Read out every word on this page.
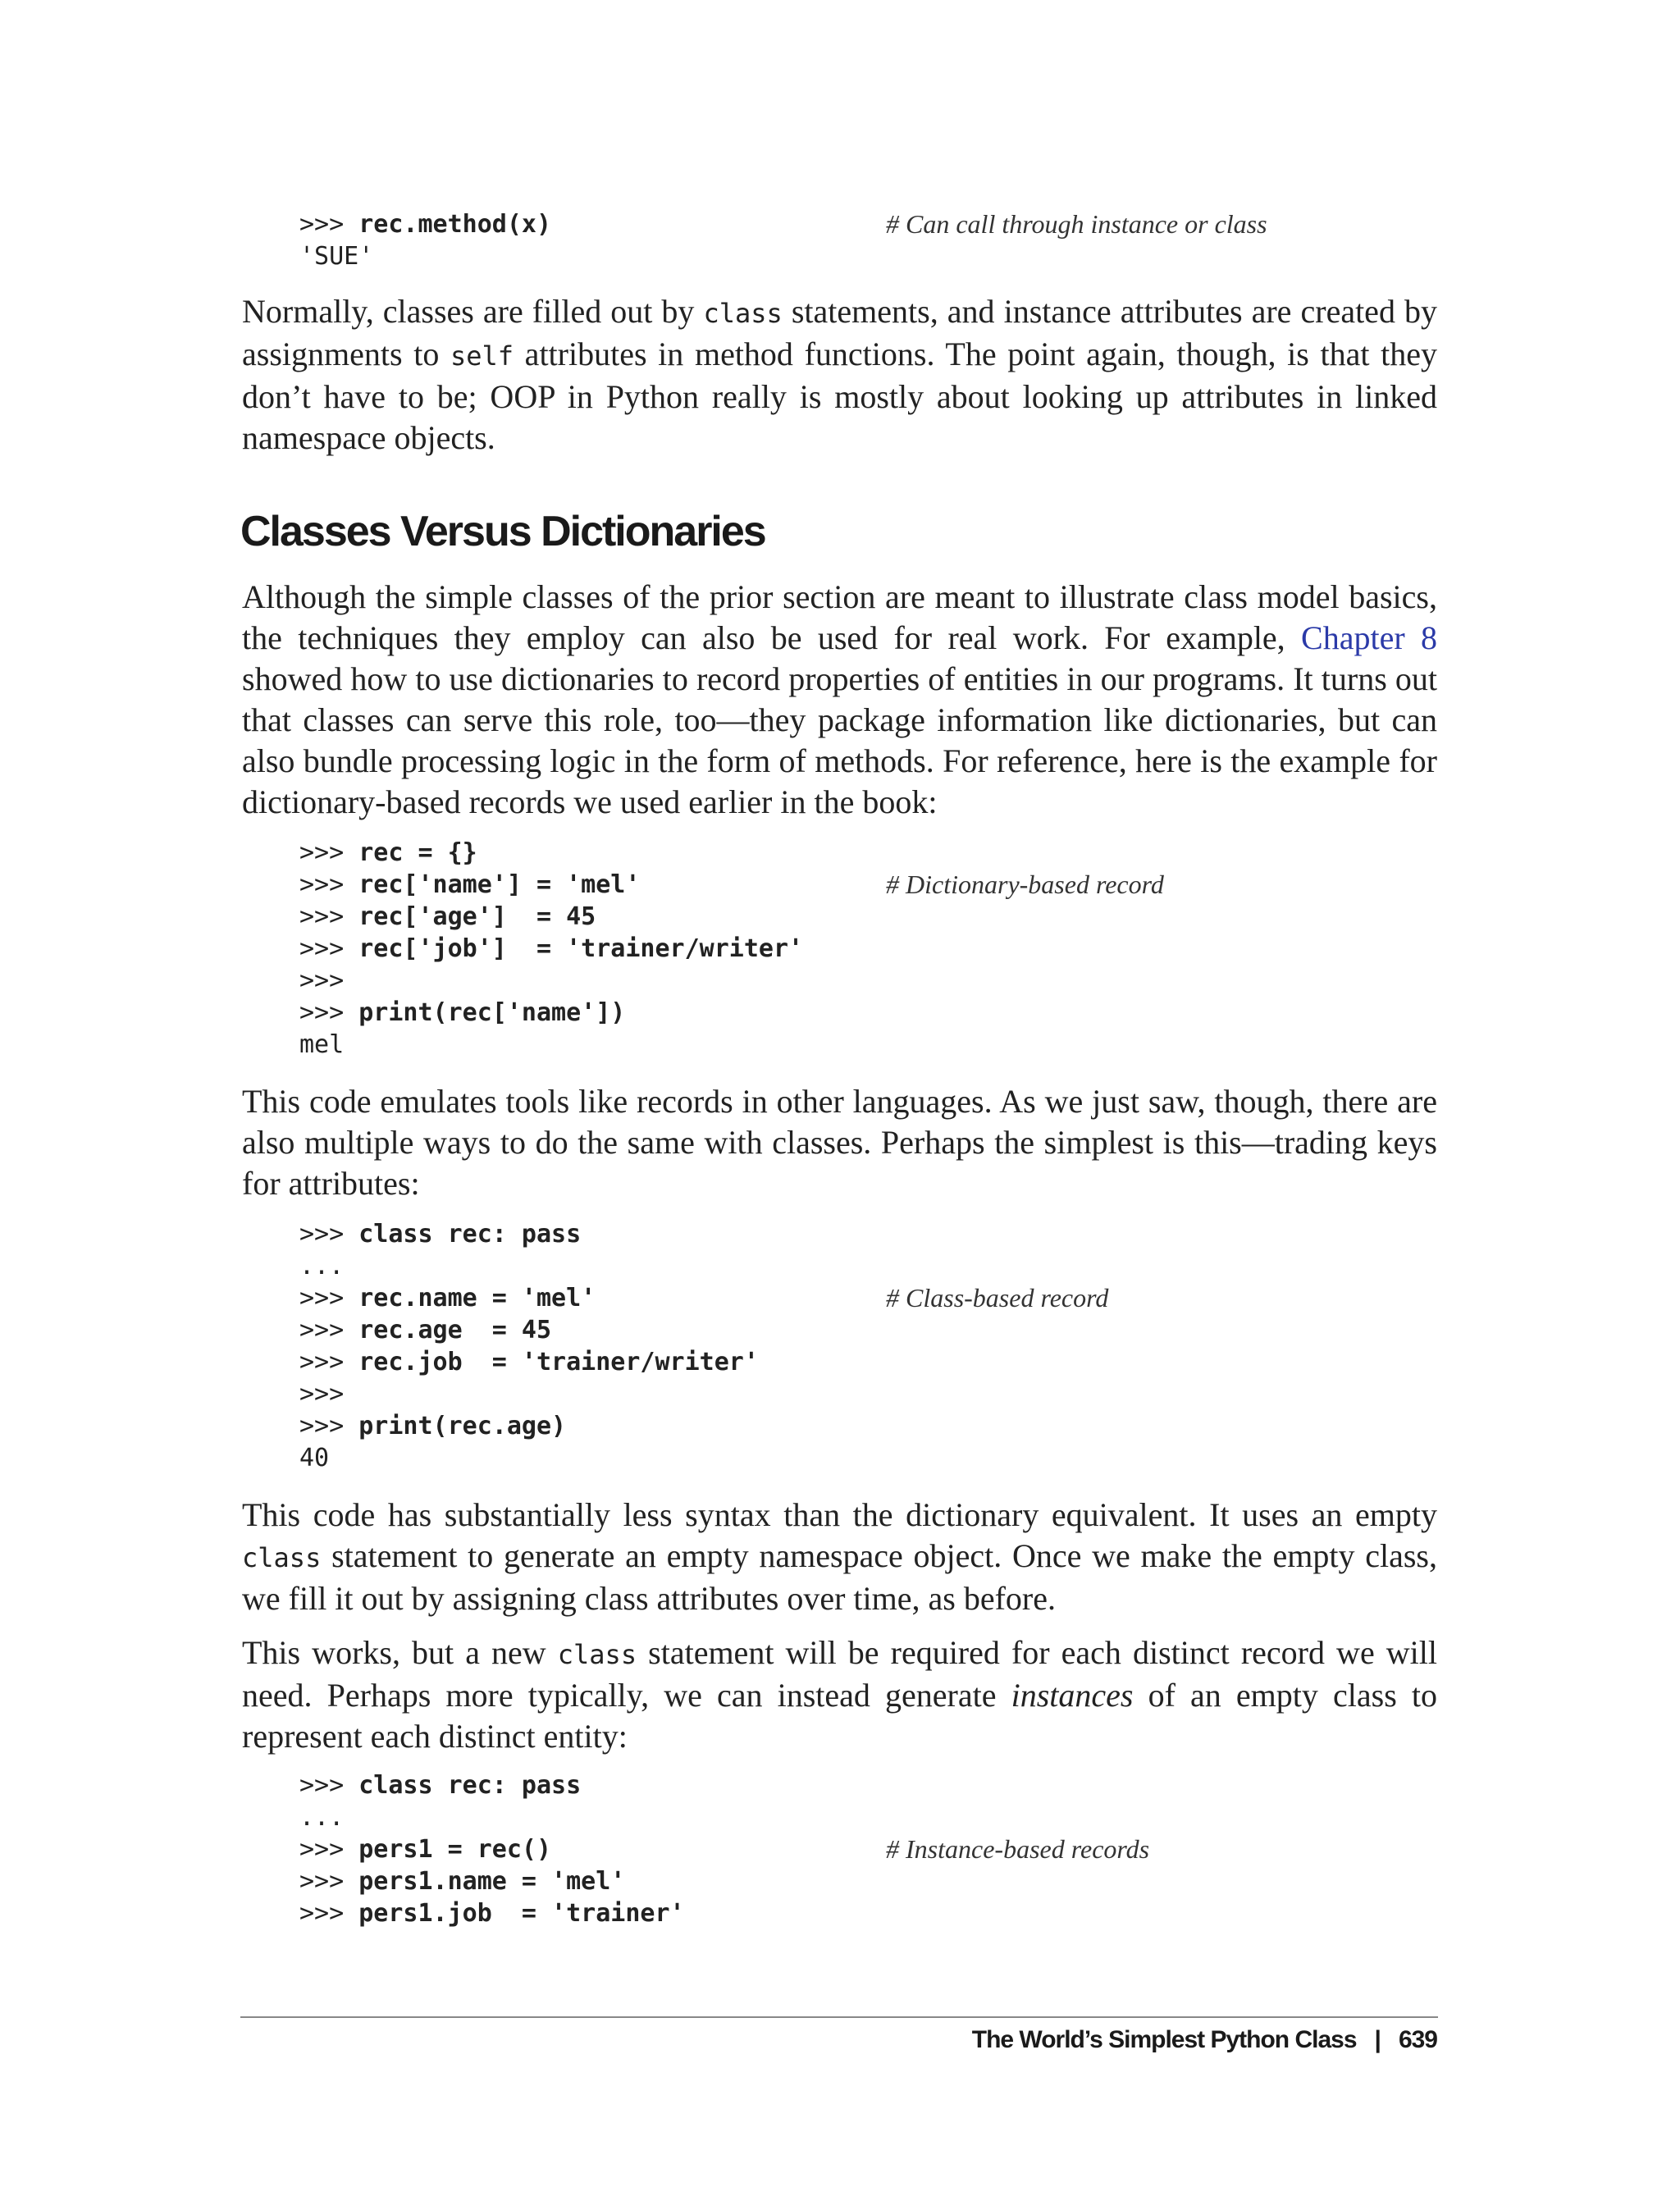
>>> rec.method(x)	# Can call through instance or class
'SUE'

Normally, classes are filled out by class statements, and instance attributes are created by assignments to self attributes in method functions. The point again, though, is that they don’t have to be; OOP in Python really is mostly about looking up attributes in linked namespace objects.

Classes Versus Dictionaries

Although the simple classes of the prior section are meant to illustrate class model basics, the techniques they employ can also be used for real work. For example, Chapter 8 showed how to use dictionaries to record properties of entities in our programs. It turns out that classes can serve this role, too—they package information like dictionaries, but can also bundle processing logic in the form of methods. For reference, here is the example for dictionary-based records we used earlier in the book:

>>> rec = {}
>>> rec['name'] = 'mel'	# Dictionary-based record
>>> rec['age']  = 45
>>> rec['job']  = 'trainer/writer'
>>>
>>> print(rec['name'])
mel

This code emulates tools like records in other languages. As we just saw, though, there are also multiple ways to do the same with classes. Perhaps the simplest is this—trading keys for attributes:

>>> class rec: pass
...
>>> rec.name = 'mel'	# Class-based record
>>> rec.age  = 45
>>> rec.job  = 'trainer/writer'
>>>
>>> print(rec.age)
40

This code has substantially less syntax than the dictionary equivalent. It uses an empty class statement to generate an empty namespace object. Once we make the empty class, we fill it out by assigning class attributes over time, as before.

This works, but a new class statement will be required for each distinct record we will need. Perhaps more typically, we can instead generate instances of an empty class to represent each distinct entity:

>>> class rec: pass
...
>>> pers1 = rec()	# Instance-based records
>>> pers1.name = 'mel'
>>> pers1.job  = 'trainer'
The World’s Simplest Python Class | 639
